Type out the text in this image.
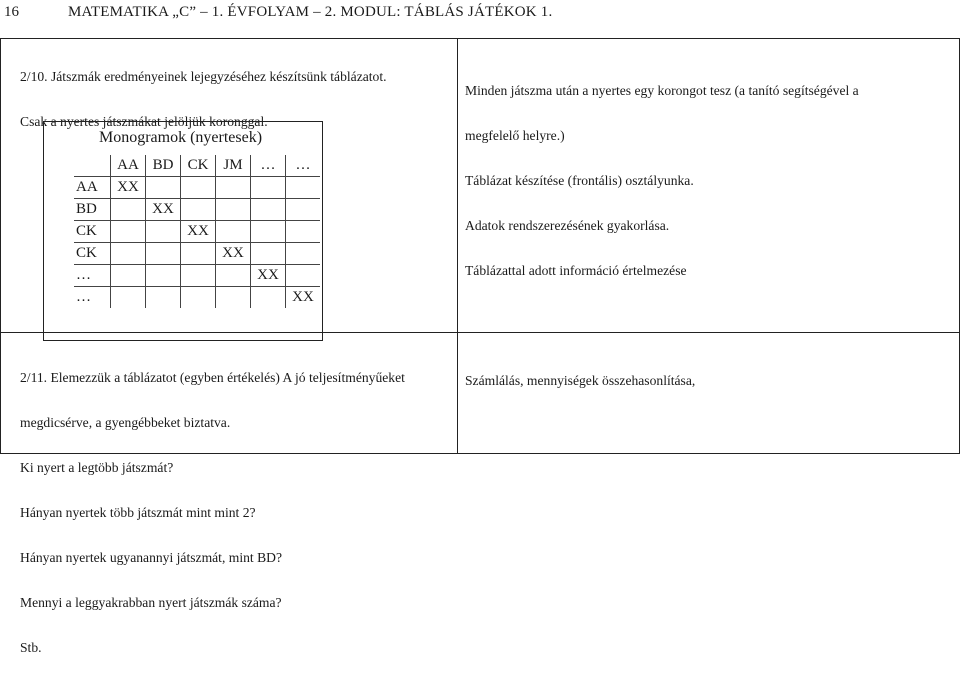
16	MATEMATIKA „C” – 1. ÉVFOLYAM – 2. MODUL: TÁBLÁS JÁTÉKOK 1.

2/10. Játszmák eredményeinek lejegyzéséhez készítsünk táblázatot.

Csak a nyertes játszmákat jelöljük koronggal.

Monogramok (nyertesek)
	AA	BD	CK	JM	…	…
AA	XX					
BD		XX				
CK			XX			
CK				XX		
…					XX	
…						XX

Minden játszma után a nyertes egy korongot tesz (a tanító segítségével a

megfelelő helyre.)

Táblázat készítése (frontális) osztályunka.

Adatok rendszerezésének gyakorlása.

Táblázattal adott információ értelmezése

2/11. Elemezzük a táblázatot (egyben értékelés) A jó teljesítményűeket

megdicsérve, a gyengébbeket biztatva.

Ki nyert a legtöbb játszmát?

Hányan nyertek több játszmát mint mint 2?

Hányan nyertek ugyanannyi játszmát, mint BD?

Mennyi a leggyakrabban nyert játszmák száma?

Stb.

Számlálás, mennyiségek összehasonlítása,
